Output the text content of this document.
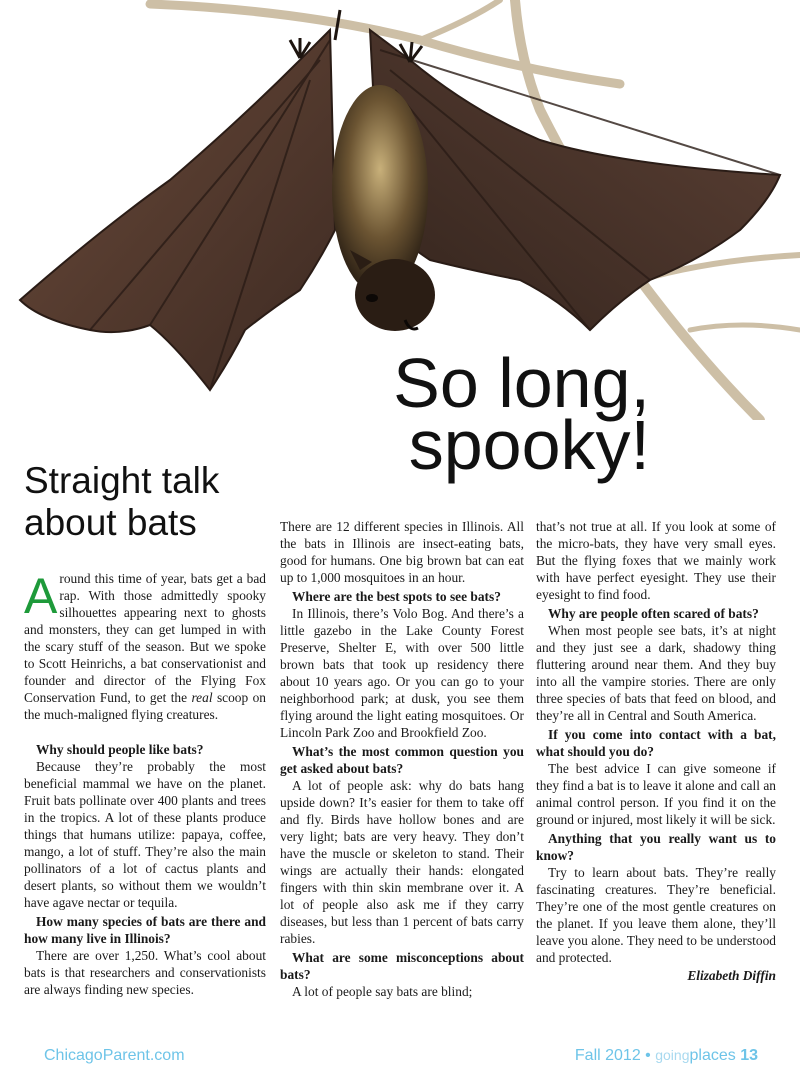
So long,
spooky!
Straight talk
about bats

Around this time of year, bats get a bad rap. With those admittedly spooky silhouettes appearing next to ghosts and monsters, they can get lumped in with the scary stuff of the season. But we spoke to Scott Heinrichs, a bat conservationist and founder and director of the Flying Fox Conservation Fund, to get the real scoop on the much-maligned flying creatures.

Why should people like bats?

Because they’re probably the most beneficial mammal we have on the planet. Fruit bats pollinate over 400 plants and trees in the tropics. A lot of these plants produce things that humans utilize: papaya, coffee, mango, a lot of stuff. They’re also the main pollinators of a lot of cactus plants and desert plants, so without them we wouldn’t have agave nectar or tequila.

How many species of bats are there and how many live in Illinois?

There are over 1,250. What’s cool about bats is that researchers and conservationists are always finding new species.

There are 12 different species in Illinois. All the bats in Illinois are insect-eating bats, good for humans. One big brown bat can eat up to 1,000 mosquitoes in an hour.

Where are the best spots to see bats?

In Illinois, there’s Volo Bog. And there’s a little gazebo in the Lake County Forest Preserve, Shelter E, with over 500 little brown bats that took up residency there about 10 years ago. Or you can go to your neighborhood park; at dusk, you see them flying around the light eating mosquitoes. Or Lincoln Park Zoo and Brookfield Zoo.

What’s the most common question you get asked about bats?

A lot of people ask: why do bats hang upside down? It’s easier for them to take off and fly. Birds have hollow bones and are very light; bats are very heavy. They don’t have the muscle or skeleton to stand. Their wings are actually their hands: elongated fingers with thin skin membrane over it. A lot of people also ask me if they carry diseases, but less than 1 percent of bats carry rabies.

What are some misconceptions about bats?

A lot of people say bats are blind;

that’s not true at all. If you look at some of the micro-bats, they have very small eyes. But the flying foxes that we mainly work with have perfect eyesight. They use their eyesight to find food.

Why are people often scared of bats?

When most people see bats, it’s at night and they just see a dark, shadowy thing fluttering around near them. And they buy into all the vampire stories. There are only three species of bats that feed on blood, and they’re all in Central and South America.

If you come into contact with a bat, what should you do?

The best advice I can give someone if they find a bat is to leave it alone and call an animal control person. If you find it on the ground or injured, most likely it will be sick.

Anything that you really want us to know?

Try to learn about bats. They’re really fascinating creatures. They’re beneficial. They’re one of the most gentle creatures on the planet. If you leave them alone, they’ll leave you alone. They need to be understood and protected.

Elizabeth Diffin
ChicagoParent.com	Fall 2012 • goingplaces 13
